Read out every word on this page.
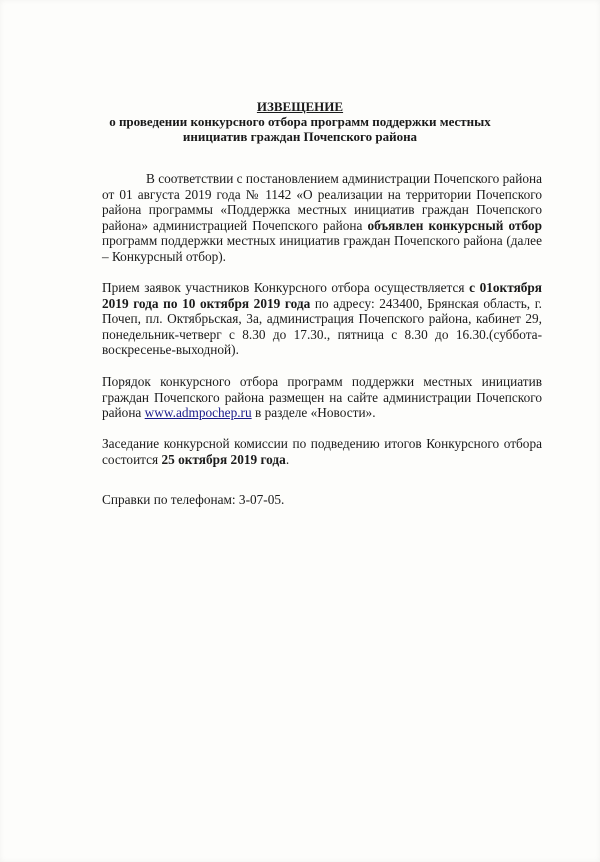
ИЗВЕЩЕНИЕ
о проведении конкурсного отбора программ поддержки местных инициатив граждан Почепского района

В соответствии с постановлением администрации Почепского района от 01 августа 2019 года № 1142 «О реализации на территории Почепского района программы «Поддержка местных инициатив граждан Почепского района» администрацией Почепского района объявлен конкурсный отбор программ поддержки местных инициатив граждан Почепского района (далее – Конкурсный отбор).

Прием заявок участников Конкурсного отбора осуществляется с 01октября 2019 года по 10 октября 2019 года по адресу: 243400, Брянская область, г. Почеп, пл. Октябрьская, 3а, администрация Почепского района, кабинет 29, понедельник-четверг с 8.30 до 17.30., пятница с 8.30 до 16.30.(суббота-воскресенье-выходной).

Порядок конкурсного отбора программ поддержки местных инициатив граждан Почепского района размещен на сайте администрации Почепского района www.admpochep.ru в разделе «Новости».

Заседание конкурсной комиссии по подведению итогов Конкурсного отбора состоится 25 октября 2019 года.

Справки по телефонам: 3-07-05.
